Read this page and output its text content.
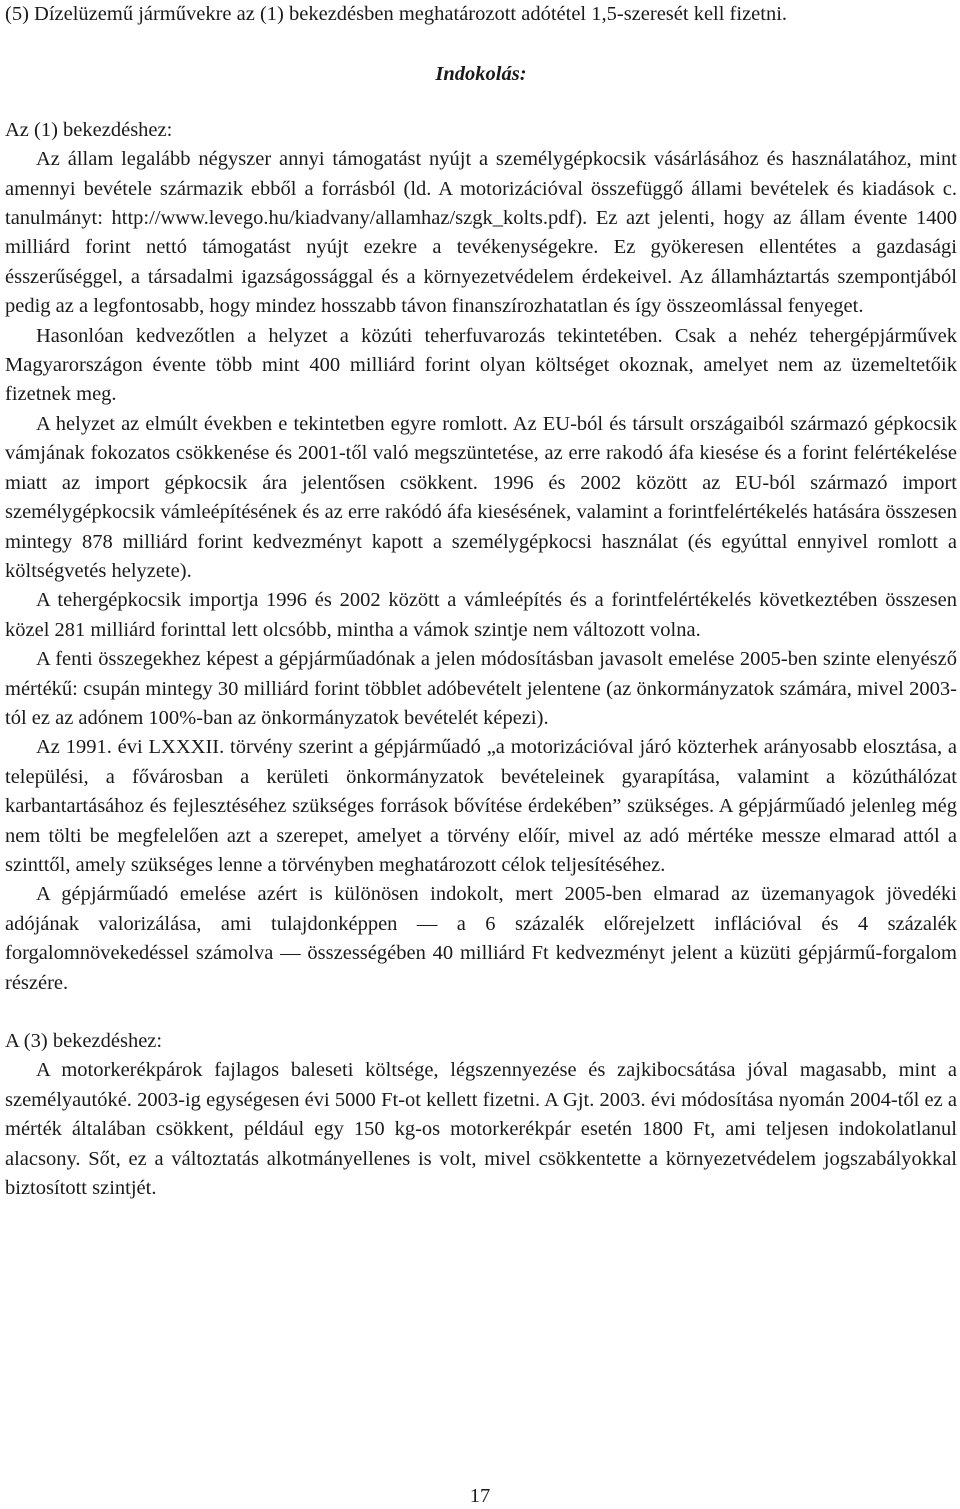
(5) Dízelüzemű járművekre az (1) bekezdésben meghatározott adótétel 1,5-szeresét kell fizetni.

Indokolás:

Az (1) bekezdéshez:

Az állam legalább négyszer annyi támogatást nyújt a személygépkocsik vásárlásához és használatához, mint amennyi bevétele származik ebből a forrásból (ld. A motorizációval összefüggő állami bevételek és kiadások c. tanulmányt: http://www.levego.hu/kiadvany/allamhaz/szgk_kolts.pdf). Ez azt jelenti, hogy az állam évente 1400 milliárd forint nettó támogatást nyújt ezekre a tevékenységekre. Ez gyökeresen ellentétes a gazdasági ésszerűséggel, a társadalmi igazságossággal és a környezetvédelem érdekeivel. Az államháztartás szempontjából pedig az a legfontosabb, hogy mindez hosszabb távon finanszírozhatatlan és így összeomlással fenyeget.

Hasonlóan kedvezőtlen a helyzet a közúti teherfuvarozás tekintetében. Csak a nehéz tehergépjárművek Magyarországon évente több mint 400 milliárd forint olyan költséget okoznak, amelyet nem az üzemeltetőik fizetnek meg.

A helyzet az elmúlt években e tekintetben egyre romlott. Az EU-ból és társult országaiból származó gépkocsik vámjának fokozatos csökkenése és 2001-től való megszüntetése, az erre rakodó áfa kiesése és a forint felértékelése miatt az import gépkocsik ára jelentősen csökkent. 1996 és 2002 között az EU-ból származó import személygépkocsik vámleépítésének és az erre rakódó áfa kiesésének, valamint a forintfelértékelés hatására összesen mintegy 878 milliárd forint kedvezményt kapott a személygépkocsi használat (és egyúttal ennyivel romlott a költségvetés helyzete).

A tehergépkocsik importja 1996 és 2002 között a vámleépítés és a forintfelértékelés következtében összesen közel 281 milliárd forinttal lett olcsóbb, mintha a vámok szintje nem változott volna.

A fenti összegekhez képest a gépjárműadónak a jelen módosításban javasolt emelése 2005-ben szinte elenyésző mértékű: csupán mintegy 30 milliárd forint többlet adóbevételt jelentene (az önkormányzatok számára, mivel 2003-tól ez az adónem 100%-ban az önkormányzatok bevételét képezi).

Az 1991. évi LXXXII. törvény szerint a gépjárműadó „a motorizációval járó közterhek arányosabb elosztása, a települési, a fővárosban a kerületi önkormányzatok bevételeinek gyarapítása, valamint a közúthálózat karbantartásához és fejlesztéséhez szükséges források bővítése érdekében” szükséges. A gépjárműadó jelenleg még nem tölti be megfelelően azt a szerepet, amelyet a törvény előír, mivel az adó mértéke messze elmarad attól a szinttől, amely szükséges lenne a törvényben meghatározott célok teljesítéséhez.

A gépjárműadó emelése azért is különösen indokolt, mert 2005-ben elmarad az üzemanyagok jövedéki adójának valorizálása, ami tulajdonképpen — a 6 százalék előrejelzett inflációval és 4 százalék forgalomnövekedéssel számolva — összességében 40 milliárd Ft kedvezményt jelent a küzüti gépjármű-forgalom részére.

A (3) bekezdéshez:

A motorkerékpárok fajlagos baleseti költsége, légszennyezése és zajkibocsátása jóval magasabb, mint a személyautóké. 2003-ig egységesen évi 5000 Ft-ot kellett fizetni. A Gjt. 2003. évi módosítása nyomán 2004-től ez a mérték általában csökkent, például egy 150 kg-os motorkerékpár esetén 1800 Ft, ami teljesen indokolatlanul alacsony. Sőt, ez a változtatás alkotmányellenes is volt, mivel csökkentette a környezetvédelem jogszabályokkal biztosított szintjét.

17
